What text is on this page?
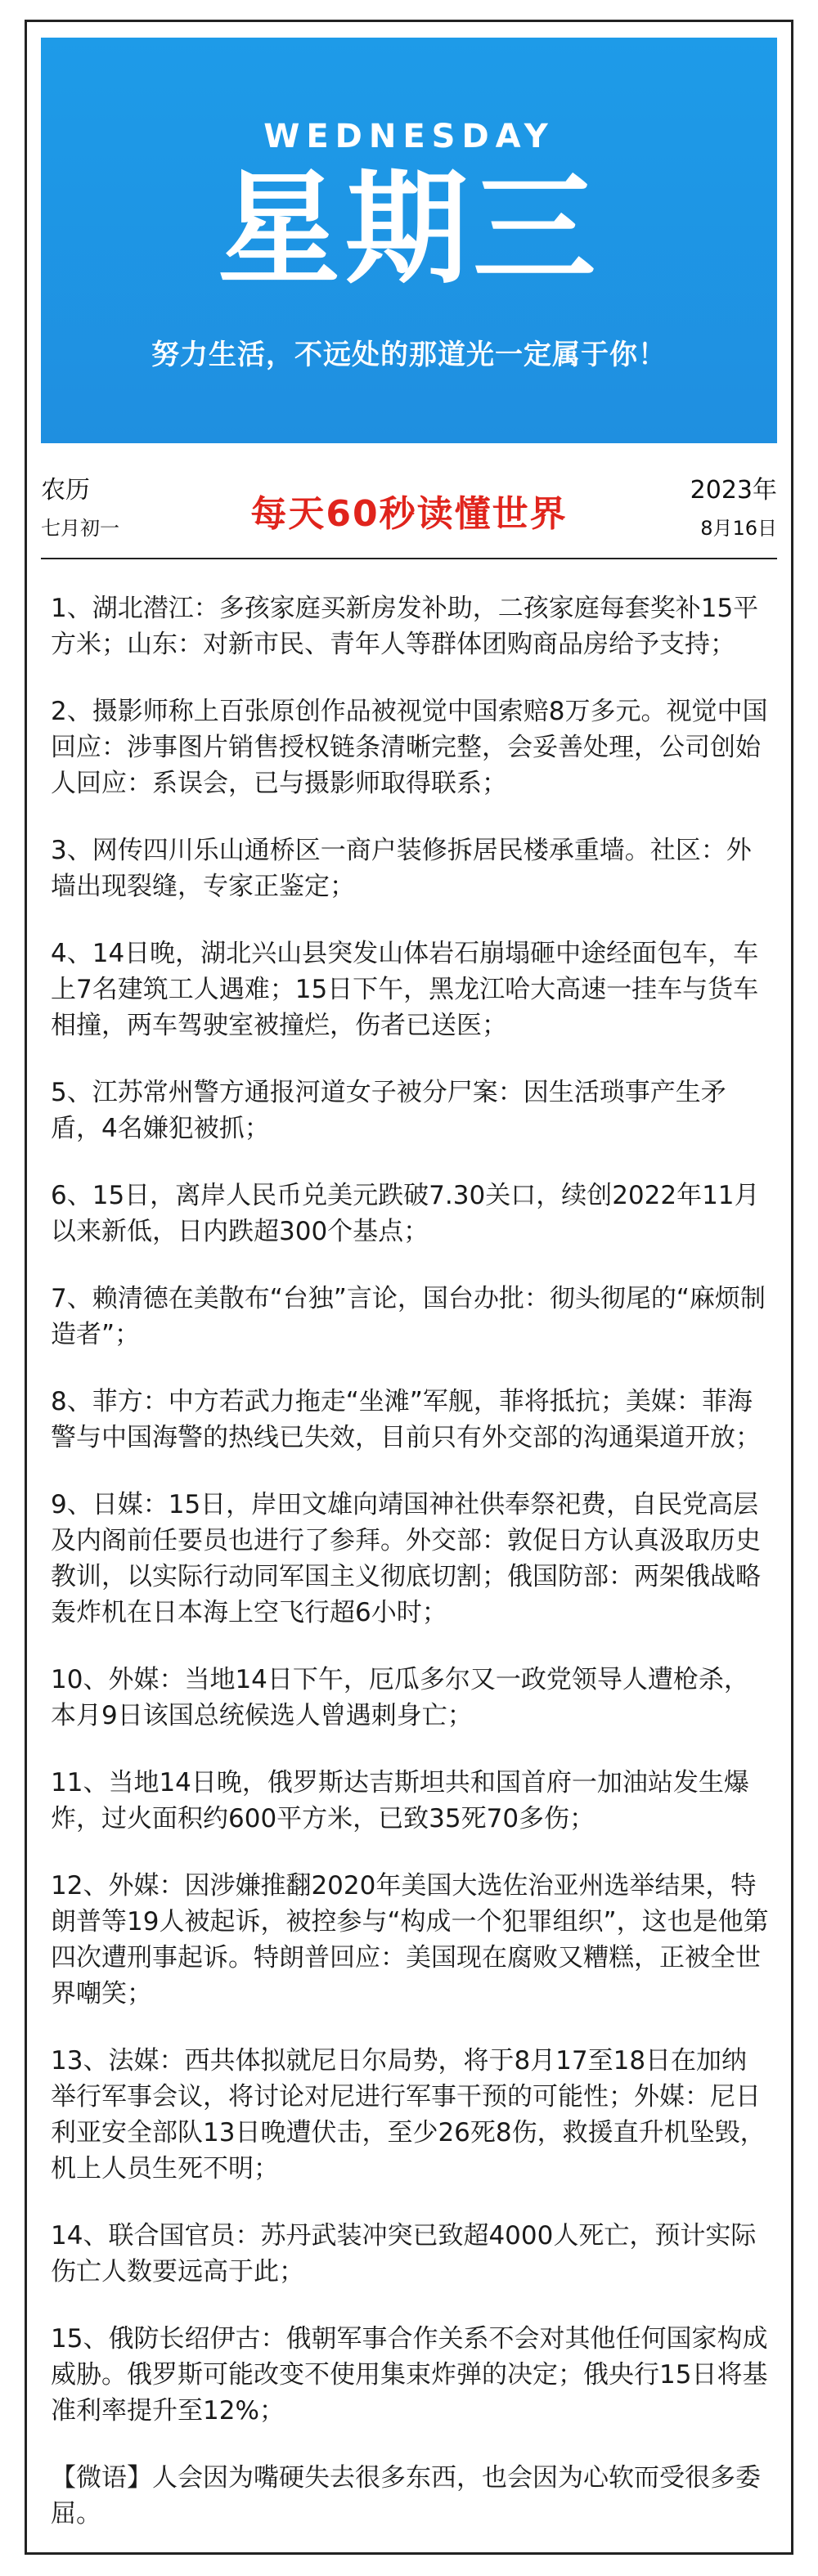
WEDNESDAY
星期三
努力生活，不远处的那道光一定属于你！
农历
七月初一	每天60秒读懂世界
2023年
8月16日

1、湖北潜江：多孩家庭买新房发补助，二孩家庭每套奖补15平方米；山东：对新市民、青年人等群体团购商品房给予支持；

2、摄影师称上百张原创作品被视觉中国索赔8万多元。视觉中国回应：涉事图片销售授权链条清晰完整，会妥善处理，公司创始人回应：系误会，已与摄影师取得联系；

3、网传四川乐山通桥区一商户装修拆居民楼承重墙。社区：外墙出现裂缝，专家正鉴定；

4、14日晚，湖北兴山县突发山体岩石崩塌砸中途经面包车，车上7名建筑工人遇难；15日下午，黑龙江哈大高速一挂车与货车相撞，两车驾驶室被撞烂，伤者已送医；

5、江苏常州警方通报河道女子被分尸案：因生活琐事产生矛盾，4名嫌犯被抓；

6、15日，离岸人民币兑美元跌破7.30关口，续创2022年11月以来新低，日内跌超300个基点；

7、赖清德在美散布“台独”言论，国台办批：彻头彻尾的“麻烦制造者”；

8、菲方：中方若武力拖走“坐滩”军舰，菲将抵抗；美媒：菲海警与中国海警的热线已失效，目前只有外交部的沟通渠道开放；

9、日媒：15日，岸田文雄向靖国神社供奉祭祀费，自民党高层及内阁前任要员也进行了参拜。外交部：敦促日方认真汲取历史教训，以实际行动同军国主义彻底切割；俄国防部：两架俄战略轰炸机在日本海上空飞行超6小时；

10、外媒：当地14日下午，厄瓜多尔又一政党领导人遭枪杀，本月9日该国总统候选人曾遇刺身亡；

11、当地14日晚，俄罗斯达吉斯坦共和国首府一加油站发生爆炸，过火面积约600平方米，已致35死70多伤；

12、外媒：因涉嫌推翻2020年美国大选佐治亚州选举结果，特朗普等19人被起诉，被控参与“构成一个犯罪组织”，这也是他第四次遭刑事起诉。特朗普回应：美国现在腐败又糟糕，正被全世界嘲笑；

13、法媒：西共体拟就尼日尔局势，将于8月17至18日在加纳举行军事会议，将讨论对尼进行军事干预的可能性；外媒：尼日利亚安全部队13日晚遭伏击，至少26死8伤，救援直升机坠毁，机上人员生死不明；

14、联合国官员：苏丹武装冲突已致超4000人死亡，预计实际伤亡人数要远高于此；

15、俄防长绍伊古：俄朝军事合作关系不会对其他任何国家构成威胁。俄罗斯可能改变不使用集束炸弹的决定；俄央行15日将基准利率提升至12%；

【微语】人会因为嘴硬失去很多东西，也会因为心软而受很多委屈。
